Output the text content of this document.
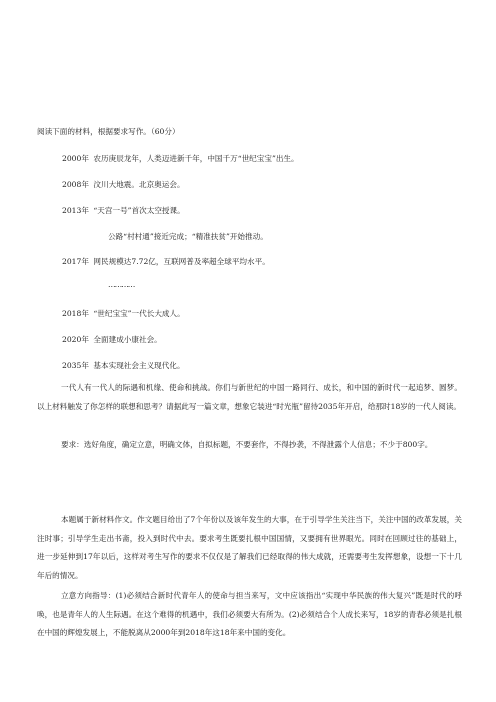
阅读下面的材料，根据要求写作。（60分）
2000年 农历庚辰龙年，人类迈进新千年，中国千万“世纪宝宝”出生。
2008年 汶川大地震。北京奥运会。
2013年 “天宫一号”首次太空授课。
公路“村村通”接近完成；“精准扶贫”开始推动。
2017年 网民规模达7.72亿，互联网普及率超全球平均水平。
…………
2018年 “世纪宝宝”一代长大成人。
2020年 全面建成小康社会。
2035年 基本实现社会主义现代化。
一代人有一代人的际遇和机缘、使命和挑战。你们与新世纪的中国一路同行、成长，和中国的新时代一起追梦、圆梦。以上材料触发了你怎样的联想和思考？请据此写一篇文章，想象它装进“时光瓶”留待2035年开启，给那时18岁的一代人阅读。
要求：选好角度，确定立意，明确文体，自拟标题，不要套作，不得抄袭，不得泄露个人信息；不少于800字。
本题属于新材料作文。作文题目给出了7个年份以及该年发生的大事，在于引导学生关注当下，关注中国的改革发展，关注时事；引导学生走出书斋，投入到时代中去。要求考生既要扎根中国国情，又要拥有世界眼光。同时在回顾过往的基础上，进一步延伸到17年以后，这样对考生写作的要求不仅仅是了解我们已经取得的伟大成就，还需要考生发挥想象，设想一下十几年后的情况。
立意方向指导：(1)必须结合新时代青年人的使命与担当来写，文中应该指出“实现中华民族的伟大复兴”既是时代的呼唤，也是青年人的人生际遇。在这个难得的机遇中，我们必须要大有所为。(2)必须结合个人成长来写，18岁的青春必须是扎根在中国的辉煌发展上，不能脱离从2000年到2018年这18年来中国的变化。
